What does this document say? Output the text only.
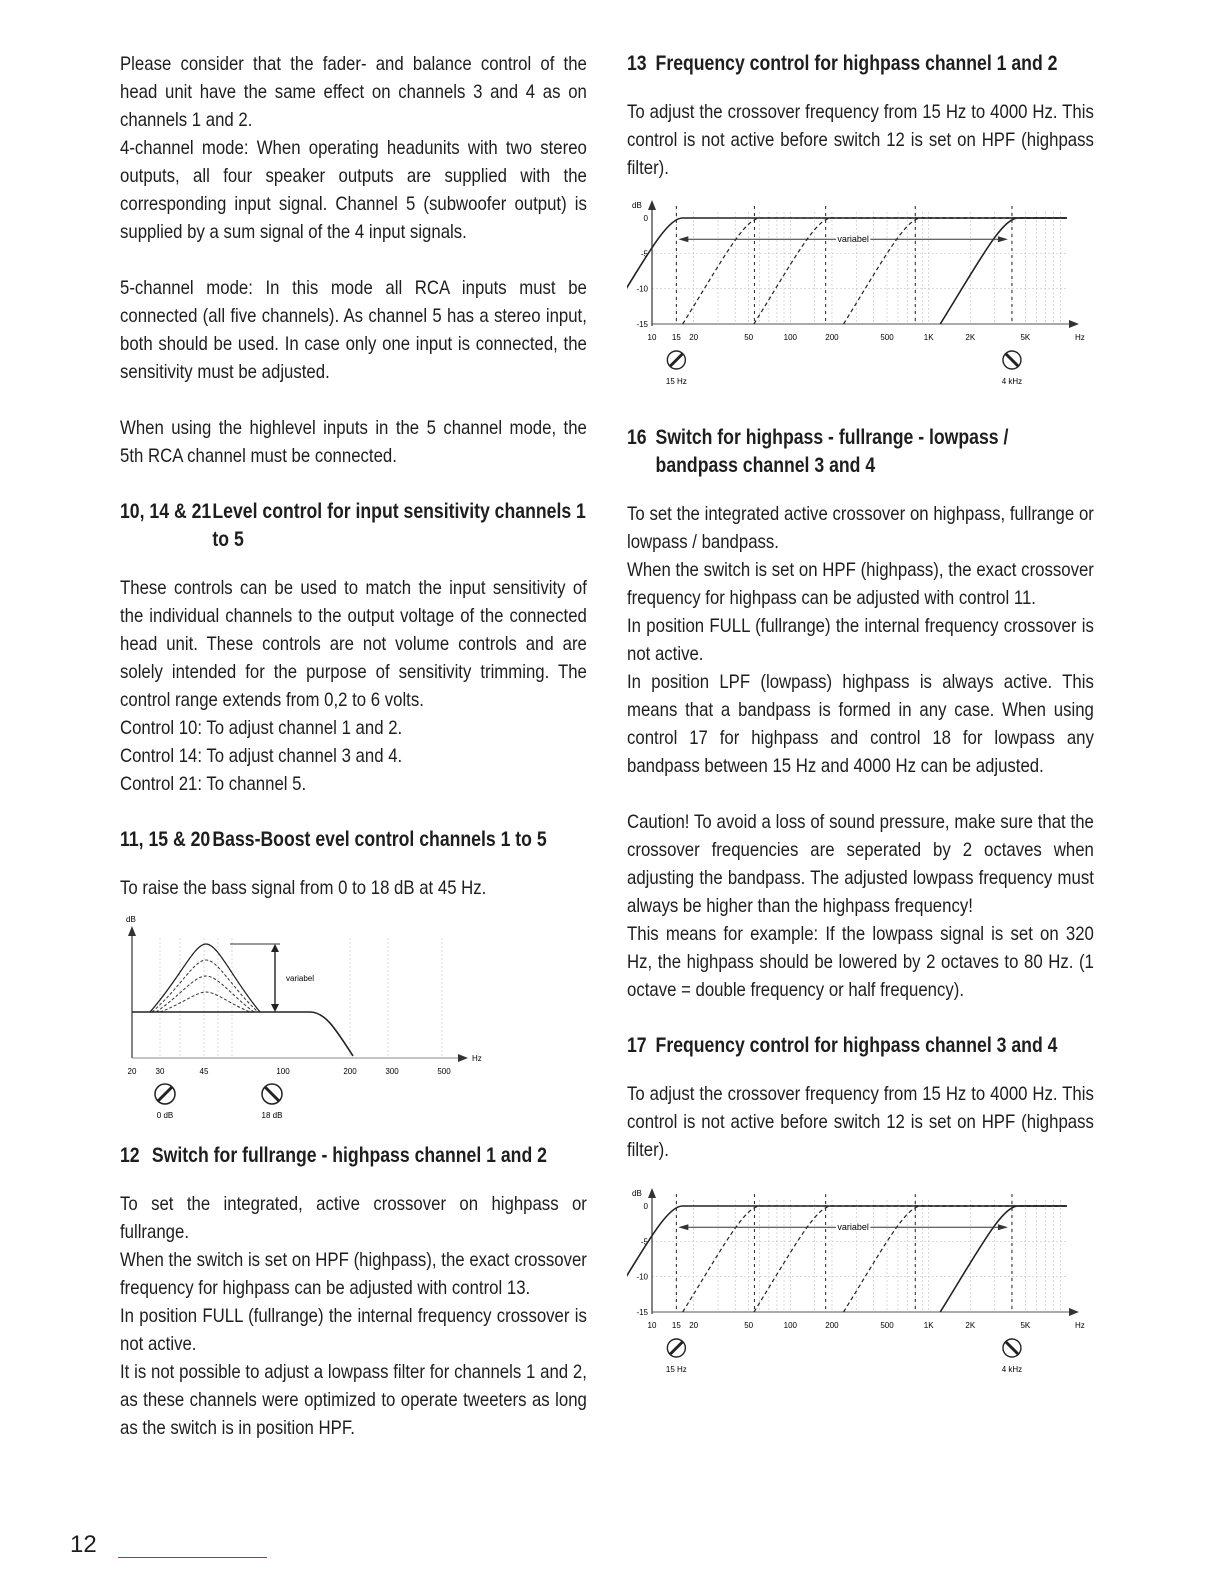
Please consider that the fader- and balance control of the head unit have the same effect on channels 3 and 4 as on channels 1 and 2.

4-channel mode: When operating headunits with two stereo outputs, all four speaker outputs are supplied with the corresponding input signal. Channel 5 (subwoofer output) is supplied by a sum signal of the 4 input signals.

5-channel mode: In this mode all RCA inputs must be connected (all five channels). As channel 5 has a stereo input, both should be used. In case only one input is connected, the sensitivity must be adjusted.

When using the highlevel inputs in the 5 channel mode, the 5th RCA channel must be connected.

10, 14 & 21 Level control for input sensitivity channels 1 to 5

These controls can be used to match the input sensitivity of the individual channels to the output voltage of the connected head unit. These controls are not volume controls and are solely intended for the purpose of sensitivity trimming. The control range extends from 0,2 to 6 volts.

Control 10: To adjust channel 1 and 2.

Control 14: To adjust channel 3 and 4.

Control 21: To channel 5.

11, 15 & 20 Bass-Boost evel control channels 1 to 5

To raise the bass signal from 0 to 18 dB at 45 Hz.

dB
Hz
variabel
20 30	45	100	200	300	500
0 dB	18 dB
12 Switch for fullrange - highpass channel 1 and 2

To set the integrated, active crossover on highpass or fullrange.

When the switch is set on HPF (highpass), the exact crossover frequency for highpass can be adjusted with control 13.

In position FULL (fullrange) the internal frequency crossover is not active.

It is not possible to adjust a lowpass filter for channels 1 and 2, as these channels were optimized to operate tweeters as long as the switch is in position HPF.

13 Frequency control for highpass channel 1 and 2

To adjust the crossover frequency from 15 Hz to 4000 Hz. This control is not active before switch 12 is set on HPF (highpass filter).

dB
Hz
0
-5
-10
-15
10 15 20	50	100	200	500	1K	2K	5K
variabel
15 Hz	4 kHz
16 Switch for highpass - fullrange - lowpass / bandpass channel 3 and 4

To set the integrated active crossover on highpass, fullrange or lowpass / bandpass.

When the switch is set on HPF (highpass), the exact crossover frequency for highpass can be adjusted with control 11.

In position FULL (fullrange) the internal frequency crossover is not active.

In position LPF (lowpass) highpass is always active. This means that a bandpass is formed in any case. When using control 17 for highpass and control 18 for lowpass any bandpass between 15 Hz and 4000 Hz can be adjusted.

Caution! To avoid a loss of sound pressure, make sure that the crossover frequencies are seperated by 2 octaves when adjusting the bandpass. The adjusted lowpass frequency must always be higher than the highpass frequency!

This means for example: If the lowpass signal is set on 320 Hz, the highpass should be lowered by 2 octaves to 80 Hz. (1 octave = double frequency or half frequency).

17 Frequency control for highpass channel 3 and 4

To adjust the crossover frequency from 15 Hz to 4000 Hz. This control is not active before switch 12 is set on HPF (highpass filter).

dB
Hz
0
-5
-10
-15
10 15 20	50	100	200	500	1K	2K	5K
variabel
15 Hz	4 kHz
12
